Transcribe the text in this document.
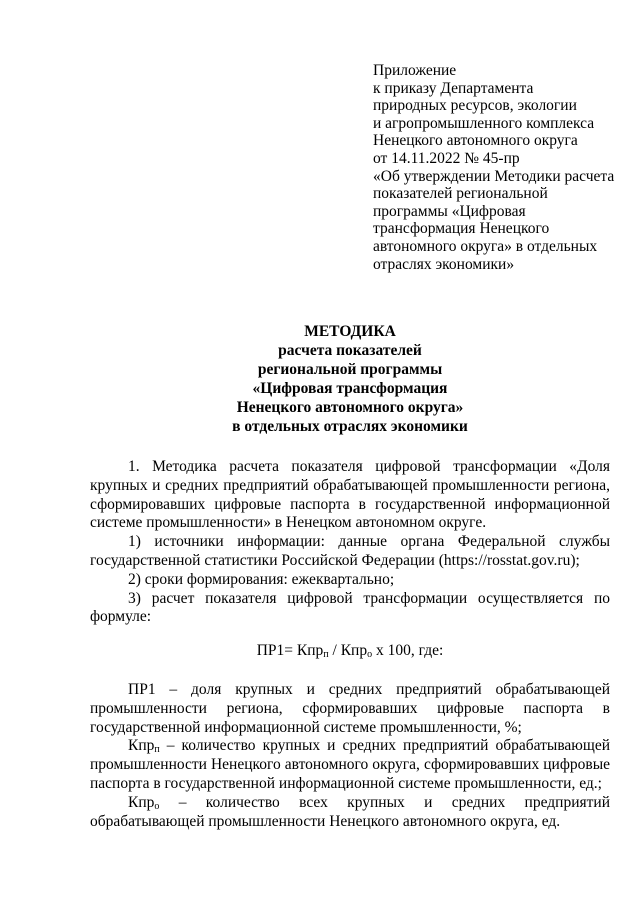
Приложение
к приказу Департамента
природных ресурсов, экологии
и агропромышленного комплекса
Ненецкого автономного округа
от 14.11.2022 № 45-пр
«Об утверждении Методики расчета
показателей региональной
программы «Цифровая
трансформация Ненецкого
автономного округа» в отдельных
отраслях экономики»
МЕТОДИКА
расчета показателей
региональной программы
«Цифровая трансформация
Ненецкого автономного округа»
в отдельных отраслях экономики

1. Методика расчета показателя цифровой трансформации «Доля крупных и средних предприятий обрабатывающей промышленности региона, сформировавших цифровые паспорта в государственной информационной системе промышленности» в Ненецком автономном округе.

1) источники информации: данные органа Федеральной службы государственной статистики Российской Федерации (https://rosstat.gov.ru);

2) сроки формирования: ежеквартально;

3) расчет показателя цифровой трансформации осуществляется по формуле:

ПР1= Кпр$_п$ / Кпр$_о$ х 100, где:

ПР1 – доля крупных и средних предприятий обрабатывающей промышленности региона, сформировавших цифровые паспорта в государственной информационной системе промышленности, %;

Кпр$_п$ – количество крупных и средних предприятий обрабатывающей промышленности Ненецкого автономного округа, сформировавших цифровые паспорта в государственной информационной системе промышленности, ед.;

Кпр$_о$ – количество всех крупных и средних предприятий обрабатывающей промышленности Ненецкого автономного округа, ед.
